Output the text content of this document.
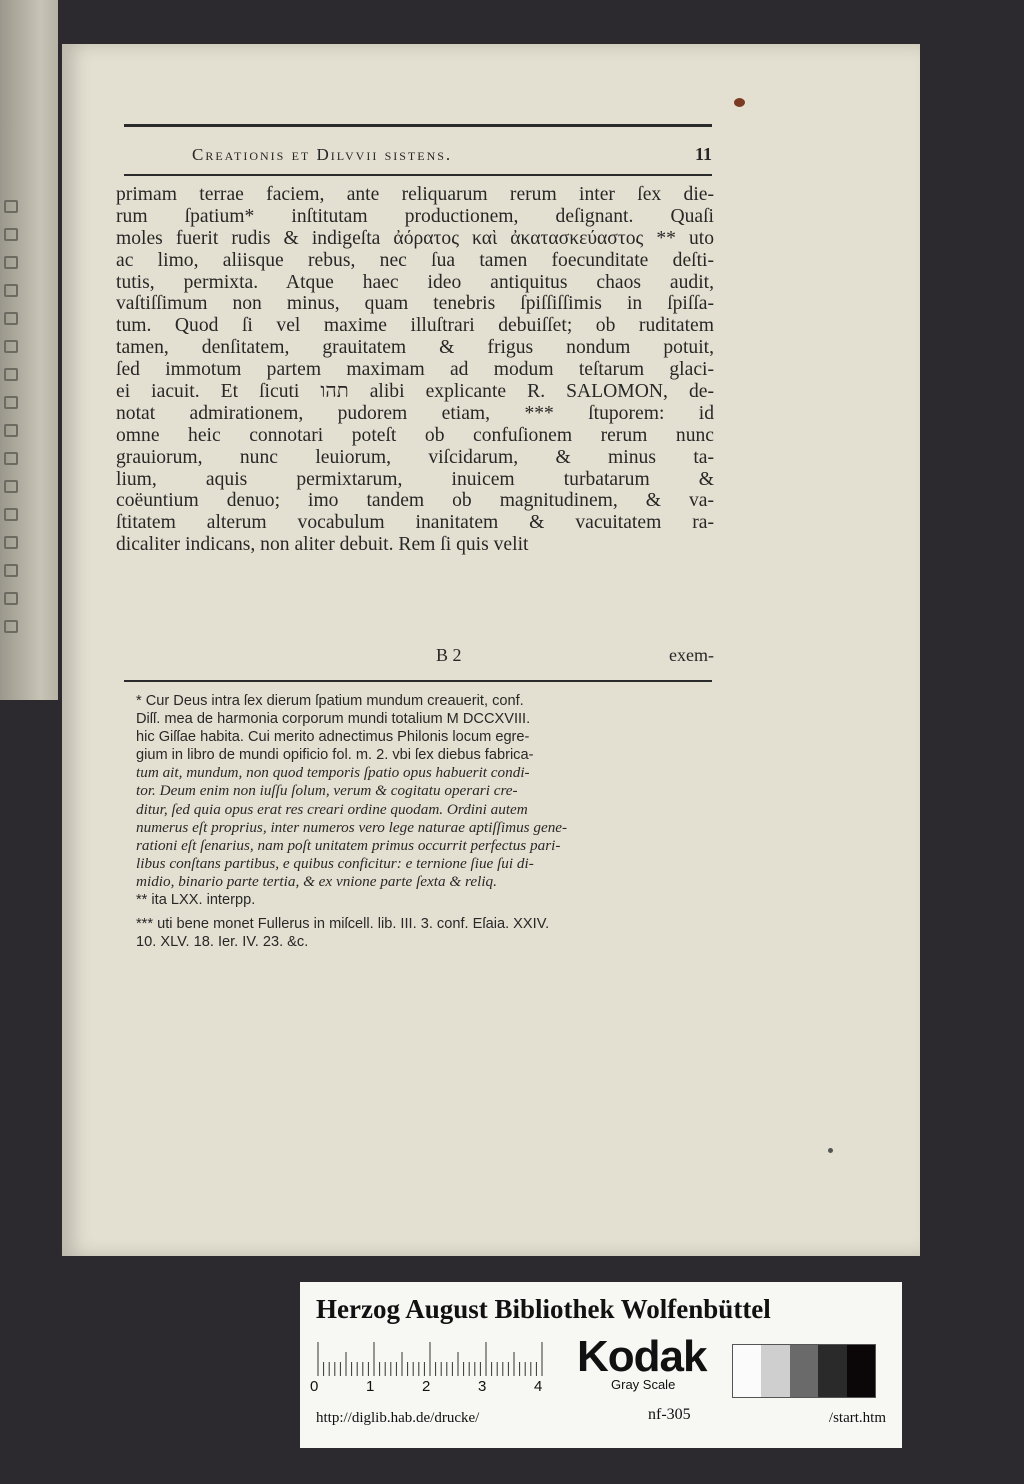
Creationis et Dilvvii sistens.	11
primam terrae faciem, ante reliquarum rerum inter ſex die-
rum ſpatium* inſtitutam productionem, deſignant. Quaſi
moles fuerit rudis & indigeſta ἀόρατος καὶ ἀκατασκεύαστος ** uto
ac limo, aliisque rebus, nec ſua tamen foecunditate deſti-
tutis, permixta. Atque haec ideo antiquitus chaos audit,
vaſtiſſimum non minus, quam tenebris ſpiſſiſſimis in ſpiſſa-
tum. Quod ſi vel maxime illuſtrari debuiſſet; ob ruditatem
tamen, denſitatem, grauitatem & frigus nondum potuit,
ſed immotum partem maximam ad modum teſtarum glaci-
ei iacuit. Et ſicuti תהו alibi explicante R. SALOMON, de-
notat admirationem, pudorem etiam, *** ſtuporem: id
omne heic connotari poteſt ob confuſionem rerum nunc
grauiorum, nunc leuiorum, viſcidarum, & minus ta-
lium, aquis permixtarum, inuicem turbatarum &
coëuntium denuo; imo tandem ob magnitudinem, & va-
ſtitatem alterum vocabulum inanitatem & vacuitatem ra-
dicaliter indicans, non aliter debuit. Rem ſi quis velit
B 2	exem-
* Cur Deus intra ſex dierum ſpatium mundum creauerit, conf.
Diſſ. mea de harmonia corporum mundi totalium M DCCXVIII.
hic Giſſae habita. Cui merito adnectimus Philonis locum egre-
gium in libro de mundi opificio fol. m. 2. vbi ſex diebus fabrica-
tum ait, mundum, non quod temporis ſpatio opus habuerit condi-
tor. Deum enim non iuſſu ſolum, verum & cogitatu operari cre-
ditur, ſed quia opus erat res creari ordine quodam. Ordini autem
numerus eſt proprius, inter numeros vero lege naturae aptiſſimus gene-
rationi eſt ſenarius, nam poſt unitatem primus occurrit perfectus pari-
libus conſtans partibus, e quibus conficitur: e ternione ſiue ſui di-
midio, binario parte tertia, & ex vnione parte ſexta & reliq.
** ita LXX. interpp.
*** uti bene monet Fullerus in miſcell. lib. III. 3. conf. Eſaia. XXIV.
10. XLV. 18. Ier. IV. 23. &c.
Herzog August Bibliothek Wolfenbüttel
0	1	2	3	4
Kodak
Gray Scale
http://diglib.hab.de/drucke/	nf-305	/start.htm
